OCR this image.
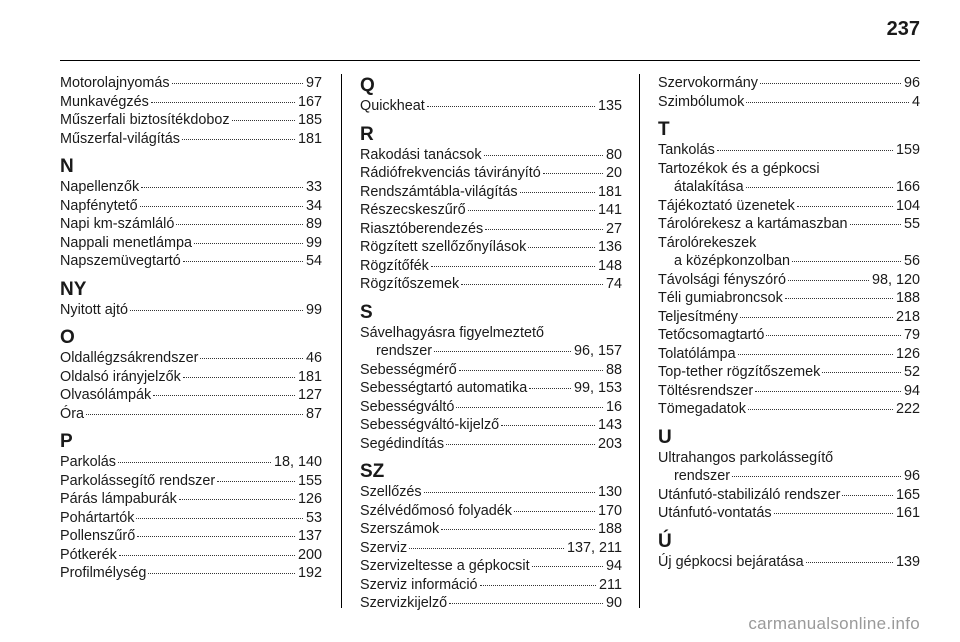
237
Motorolajnyomás	97
Munkavégzés	167
Műszerfali biztosítékdoboz	185
Műszerfal-világítás	181
N
Napellenzők	33
Napfénytető	34
Napi km-számláló	89
Nappali menetlámpa	99
Napszemüvegtartó	54
NY
Nyitott ajtó	99
O
Oldallégzsákrendszer	46
Oldalsó irányjelzők	181
Olvasólámpák	127
Óra	87
P
Parkolás	18, 140
Parkolássegítő rendszer	155
Párás lámpaburák	126
Pohártartók	53
Pollenszűrő	137
Pótkerék	200
Profilmélység	192
Q
Quickheat	135
R
Rakodási tanácsok	80
Rádiófrekvenciás távirányító	20
Rendszámtábla-világítás	181
Részecskeszűrő	141
Riasztóberendezés	27
Rögzített szellőzőnyílások	136
Rögzítőfék	148
Rögzítőszemek	74
S
Sávelhagyásra figyelmeztető
rendszer	96, 157
Sebességmérő	88
Sebességtartó automatika	99, 153
Sebességváltó	16
Sebességváltó-kijelző	143
Segédindítás	203
SZ
Szellőzés	130
Szélvédőmosó folyadék	170
Szerszámok	188
Szerviz	137, 211
Szervizeltesse a gépkocsit	94
Szerviz információ	211
Szervizkijelző	90
Szervokormány	96
Szimbólumok	4
T
Tankolás	159
Tartozékok és a gépkocsi
átalakítása	166
Tájékoztató üzenetek	104
Tárolórekesz a kartámaszban	55
Tárolórekeszek
a középkonzolban	56
Távolsági fényszóró	98, 120
Téli gumiabroncsok	188
Teljesítmény	218
Tetőcsomagtartó	79
Tolatólámpa	126
Top-tether rögzítőszemek	52
Töltésrendszer	94
Tömegadatok	222
U
Ultrahangos parkolássegítő
rendszer	96
Utánfutó-stabilizáló rendszer	165
Utánfutó-vontatás	161
Ú
Új gépkocsi bejáratása	139
carmanualsonline.info
